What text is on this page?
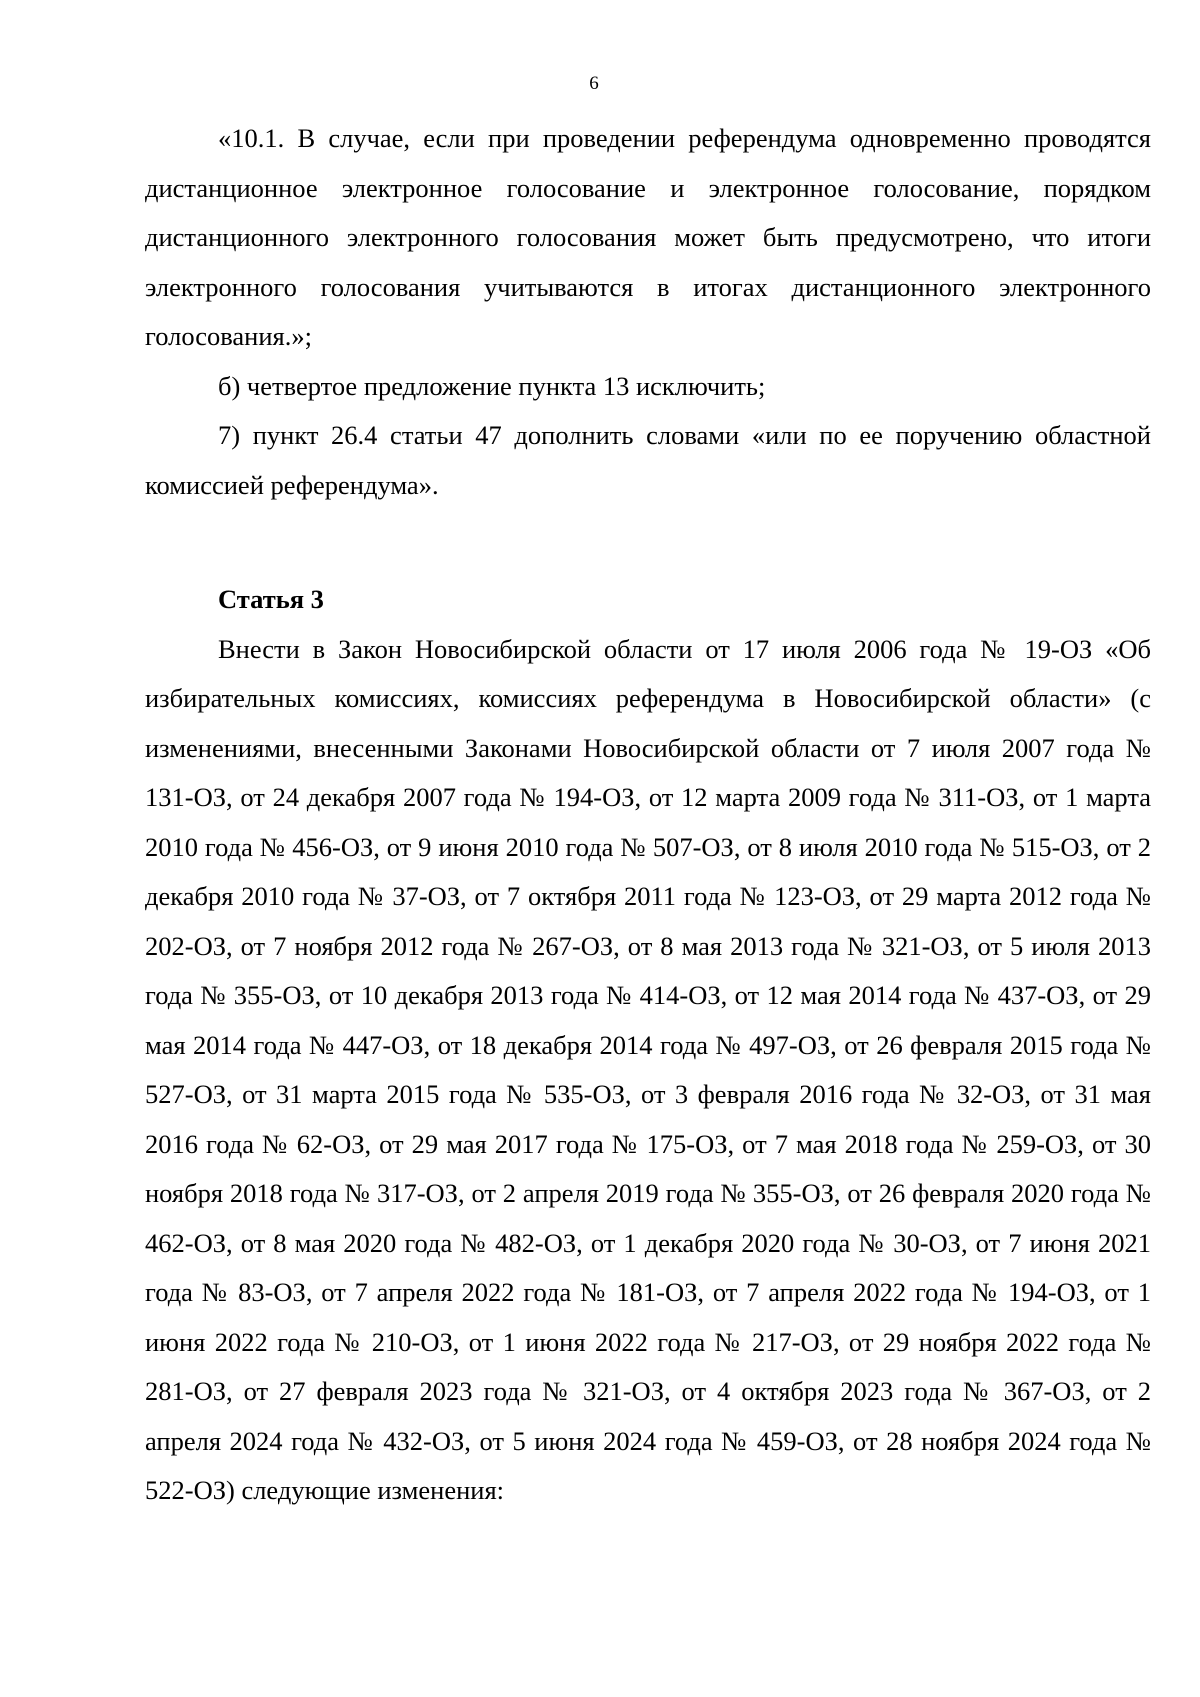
6

«10.1. В случае, если при проведении референдума одновременно проводятся дистанционное электронное голосование и электронное голосование, порядком дистанционного электронного голосования может быть предусмотрено, что итоги электронного голосования учитываются в итогах дистанционного электронного голосования.»;

б) четвертое предложение пункта 13 исключить;

7) пункт 26.4 статьи 47 дополнить словами «или по ее поручению областной комиссией референдума».

Статья 3

Внести в Закон Новосибирской области от 17 июля 2006 года № 19-ОЗ «Об избирательных комиссиях, комиссиях референдума в Новосибирской области» (с изменениями, внесенными Законами Новосибирской области от 7 июля 2007 года № 131-ОЗ, от 24 декабря 2007 года № 194-ОЗ, от 12 марта 2009 года № 311-ОЗ, от 1 марта 2010 года № 456-ОЗ, от 9 июня 2010 года № 507-ОЗ, от 8 июля 2010 года № 515-ОЗ, от 2 декабря 2010 года № 37-ОЗ, от 7 октября 2011 года № 123-ОЗ, от 29 марта 2012 года № 202-ОЗ, от 7 ноября 2012 года № 267-ОЗ, от 8 мая 2013 года № 321-ОЗ, от 5 июля 2013 года № 355-ОЗ, от 10 декабря 2013 года № 414-ОЗ, от 12 мая 2014 года № 437-ОЗ, от 29 мая 2014 года № 447-ОЗ, от 18 декабря 2014 года № 497-ОЗ, от 26 февраля 2015 года № 527-ОЗ, от 31 марта 2015 года № 535-ОЗ, от 3 февраля 2016 года № 32-ОЗ, от 31 мая 2016 года № 62-ОЗ, от 29 мая 2017 года № 175-ОЗ, от 7 мая 2018 года № 259-ОЗ, от 30 ноября 2018 года № 317-ОЗ, от 2 апреля 2019 года № 355-ОЗ, от 26 февраля 2020 года № 462-ОЗ, от 8 мая 2020 года № 482-ОЗ, от 1 декабря 2020 года № 30-ОЗ, от 7 июня 2021 года № 83-ОЗ, от 7 апреля 2022 года № 181-ОЗ, от 7 апреля 2022 года № 194-ОЗ, от 1 июня 2022 года № 210-ОЗ, от 1 июня 2022 года № 217-ОЗ, от 29 ноября 2022 года № 281-ОЗ, от 27 февраля 2023 года № 321-ОЗ, от 4 октября 2023 года № 367-ОЗ, от 2 апреля 2024 года № 432-ОЗ, от 5 июня 2024 года № 459-ОЗ, от 28 ноября 2024 года № 522-ОЗ) следующие изменения:
